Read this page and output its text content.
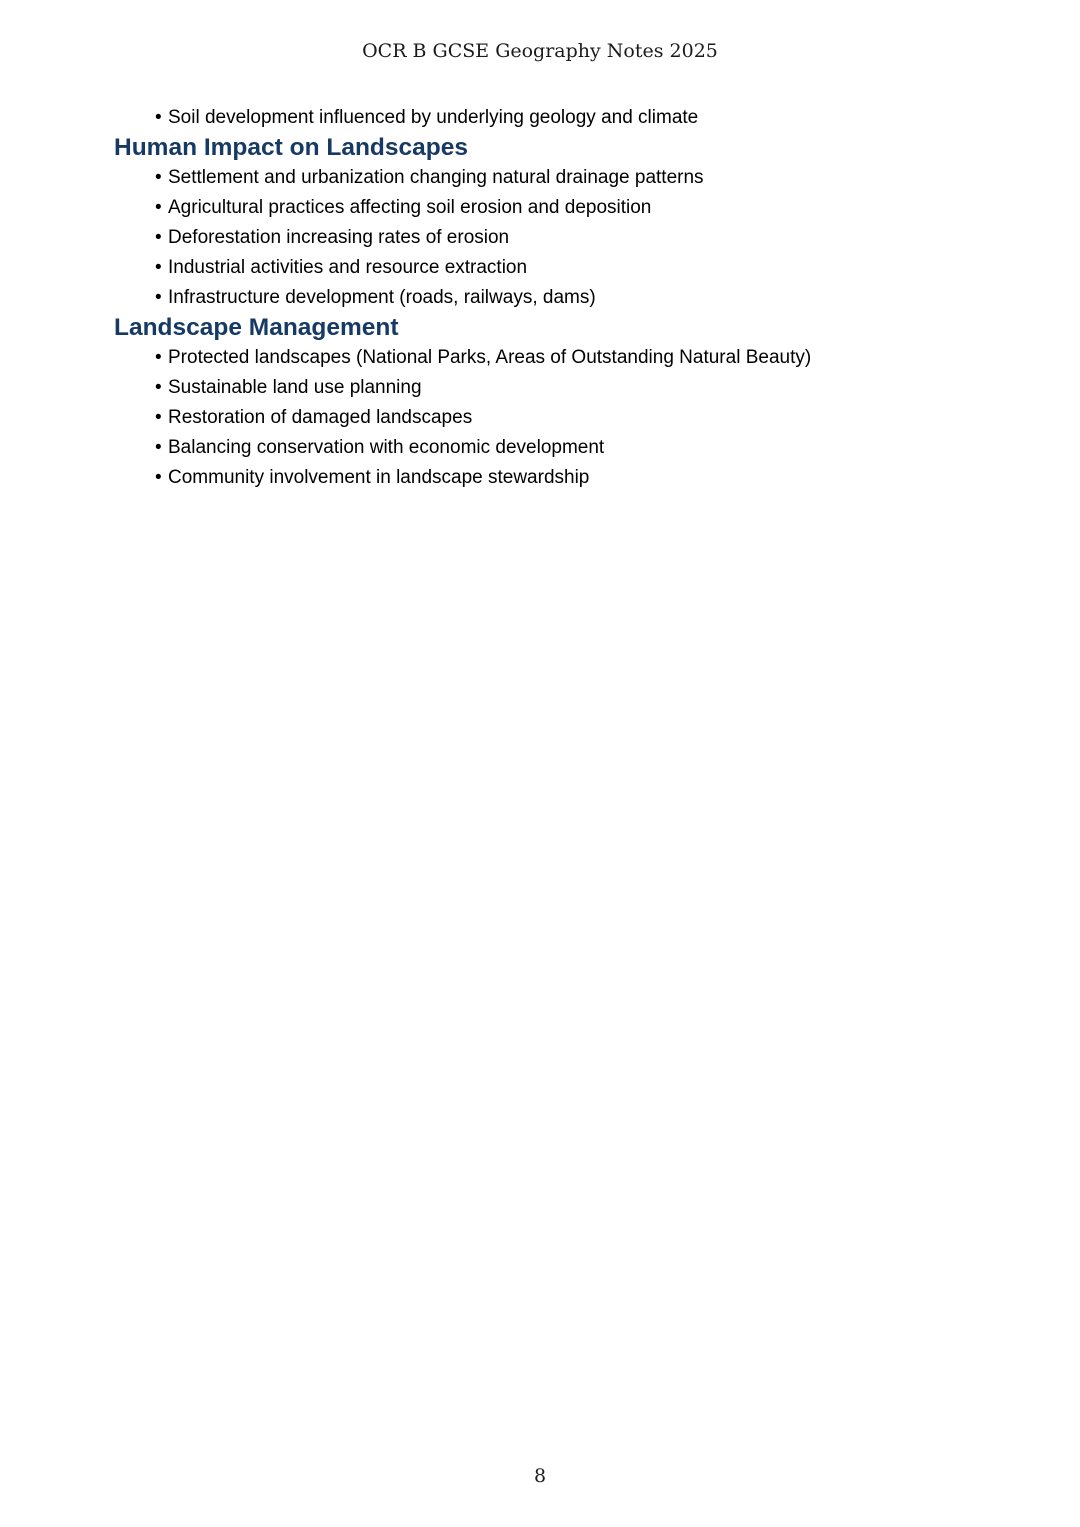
OCR B GCSE Geography Notes 2025
• Soil development influenced by underlying geology and climate
Human Impact on Landscapes
• Settlement and urbanization changing natural drainage patterns
• Agricultural practices affecting soil erosion and deposition
• Deforestation increasing rates of erosion
• Industrial activities and resource extraction
• Infrastructure development (roads, railways, dams)
Landscape Management
• Protected landscapes (National Parks, Areas of Outstanding Natural Beauty)
• Sustainable land use planning
• Restoration of damaged landscapes
• Balancing conservation with economic development
• Community involvement in landscape stewardship
8
